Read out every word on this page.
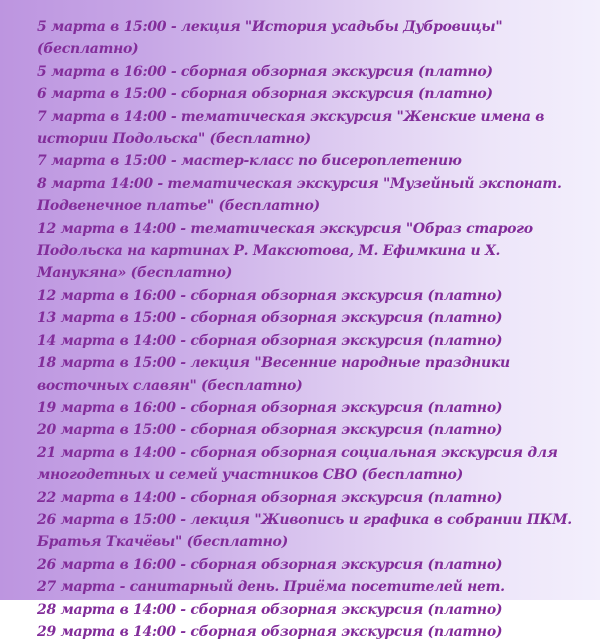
5 марта в 15:00 - лекция "История усадьбы Дубровицы" (бесплатно)

5 марта в 16:00 - сборная обзорная экскурсия (платно)

6 марта в 15:00 - сборная обзорная экскурсия (платно)

7 марта в 14:00 - тематическая экскурсия "Женские имена в истории Подольска" (бесплатно)

7 марта в 15:00 - мастер-класс по бисероплетению

8 марта 14:00 - тематическая экскурсия "Музейный экспонат. Подвенечное платье" (бесплатно)

12 марта в 14:00 - тематическая экскурсия "Образ старого Подольска на картинах Р. Максютова, М. Ефимкина и Х. Манукяна» (бесплатно)

12 марта в 16:00 - сборная обзорная экскурсия (платно)

13 марта в 15:00 - сборная обзорная экскурсия (платно)

14 марта в 14:00 - сборная обзорная экскурсия (платно)

18 марта в 15:00 - лекция "Весенние народные праздники восточных славян" (бесплатно)

19 марта в 16:00 - сборная обзорная экскурсия (платно)

20 марта в 15:00 - сборная обзорная экскурсия (платно)

21 марта в 14:00 - сборная обзорная социальная экскурсия для многодетных и семей участников СВО (бесплатно)

22 марта в 14:00 - сборная обзорная экскурсия (платно)

26 марта в 15:00 - лекция "Живопись и графика в собрании ПКМ. Братья Ткачёвы" (бесплатно)

26 марта в 16:00 - сборная обзорная экскурсия (платно)

27 марта - санитарный день. Приёма посетителей нет.

28 марта в 14:00 - сборная обзорная экскурсия (платно)

29 марта в 14:00 - сборная обзорная экскурсия (платно)
